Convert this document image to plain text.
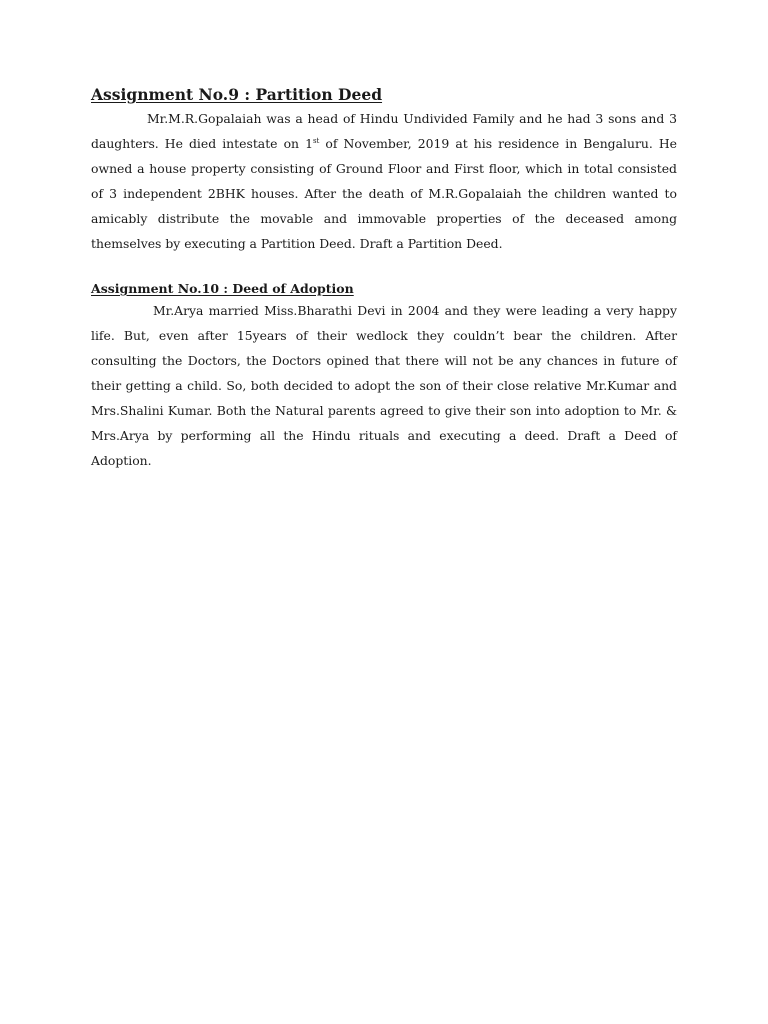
Assignment No.9 : Partition Deed

Mr.M.R.Gopalaiah was a head of Hindu Undivided Family and he had 3 sons and 3 daughters. He died intestate on 1st of November, 2019 at his residence in Bengaluru. He owned a house property consisting of Ground Floor and First floor, which in total consisted of 3 independent 2BHK houses. After the death of M.R.Gopalaiah the children wanted to amicably distribute the movable and immovable properties of the deceased among themselves by executing a Partition Deed. Draft a Partition Deed.

Assignment No.10 : Deed of Adoption

Mr.Arya married Miss.Bharathi Devi in 2004 and they were leading a very happy life. But, even after 15years of their wedlock they couldn’t bear the children. After consulting the Doctors, the Doctors opined that there will not be any chances in future of their getting a child. So, both decided to adopt the son of their close relative Mr.Kumar and Mrs.Shalini Kumar. Both the Natural parents agreed to give their son into adoption to Mr. & Mrs.Arya by performing all the Hindu rituals and executing a deed. Draft a Deed of Adoption.
